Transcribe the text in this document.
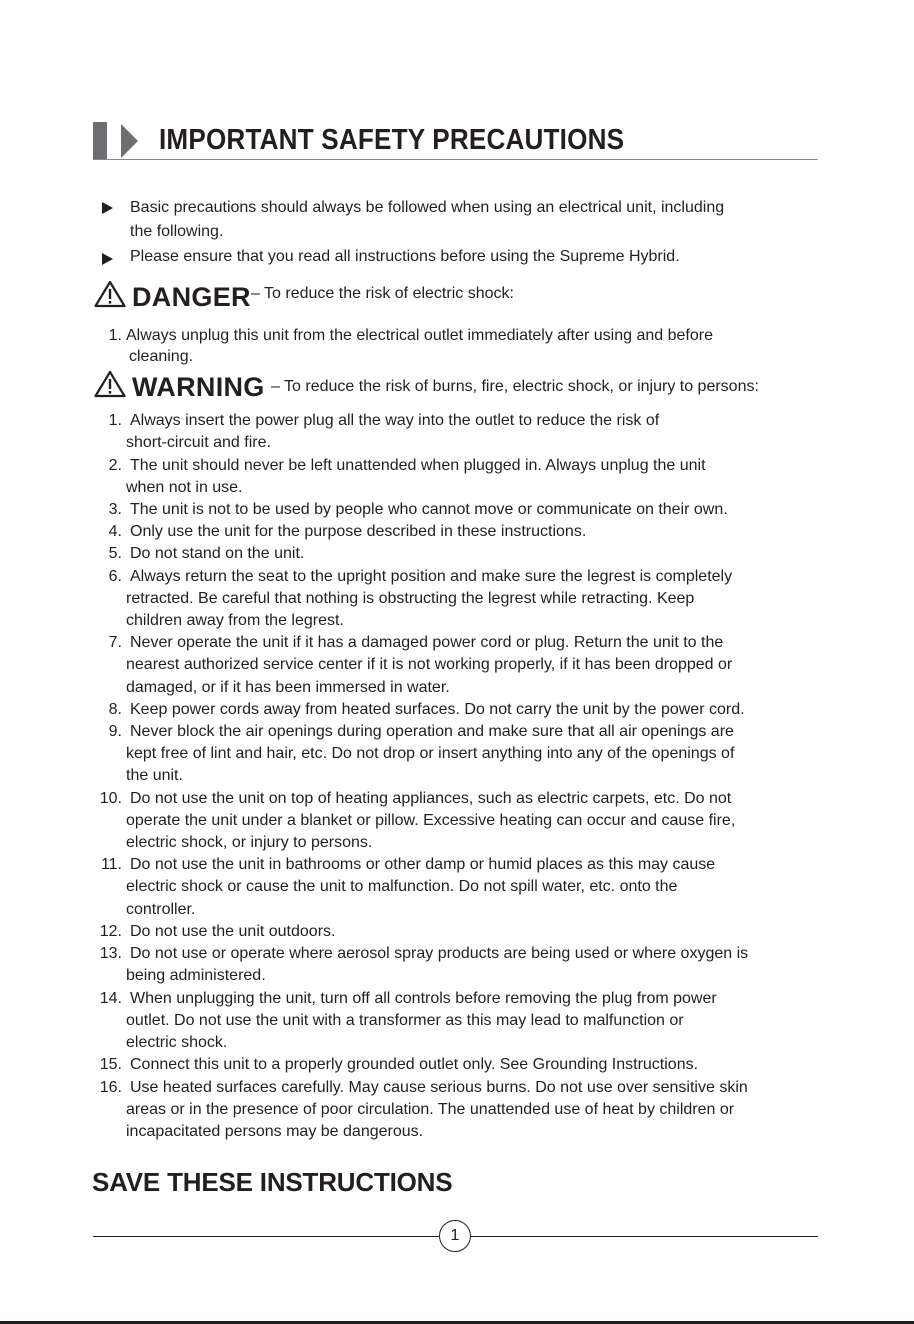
IMPORTANT SAFETY PRECAUTIONS
Basic precautions should always be followed when using an electrical unit, including
the following.
Please ensure that you read all instructions before using the Supreme Hybrid.
DANGER – To reduce the risk of electric shock:
1. Always unplug this unit from the electrical outlet immediately after using and before
cleaning.
WARNING – To reduce the risk of burns, fire, electric shock, or injury to persons:
1. Always insert the power plug all the way into the outlet to reduce the risk of
short-circuit and fire.
2. The unit should never be left unattended when plugged in. Always unplug the unit
when not in use.
3. The unit is not to be used by people who cannot move or communicate on their own.
4. Only use the unit for the purpose described in these instructions.
5. Do not stand on the unit.
6. Always return the seat to the upright position and make sure the legrest is completely
retracted. Be careful that nothing is obstructing the legrest while retracting. Keep
children away from the legrest.
7. Never operate the unit if it has a damaged power cord or plug. Return the unit to the
nearest authorized service center if it is not working properly, if it has been dropped or
damaged, or if it has been immersed in water.
8. Keep power cords away from heated surfaces. Do not carry the unit by the power cord.
9. Never block the air openings during operation and make sure that all air openings are
kept free of lint and hair, etc. Do not drop or insert anything into any of the openings of
the unit.
10. Do not use the unit on top of heating appliances, such as electric carpets, etc. Do not
operate the unit under a blanket or pillow. Excessive heating can occur and cause fire,
electric shock, or injury to persons.
11. Do not use the unit in bathrooms or other damp or humid places as this may cause
electric shock or cause the unit to malfunction. Do not spill water, etc. onto the
controller.
12. Do not use the unit outdoors.
13. Do not use or operate where aerosol spray products are being used or where oxygen is
being administered.
14. When unplugging the unit, turn off all controls before removing the plug from power
outlet. Do not use the unit with a transformer as this may lead to malfunction or
electric shock.
15. Connect this unit to a properly grounded outlet only. See Grounding Instructions.
16. Use heated surfaces carefully. May cause serious burns. Do not use over sensitive skin
areas or in the presence of poor circulation. The unattended use of heat by children or
incapacitated persons may be dangerous.
SAVE THESE INSTRUCTIONS
1
